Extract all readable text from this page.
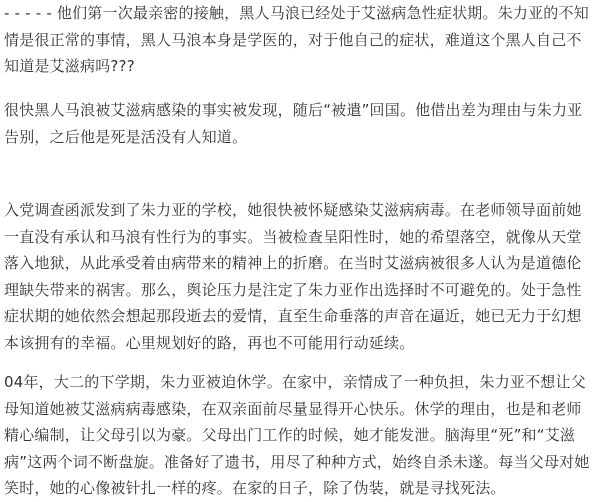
- - - - - 他们第一次最亲密的接触，黑人马浪已经处于艾滋病急性症状期。朱力亚的不知情是很正常的事情，黑人马浪本身是学医的，对于他自己的症状，难道这个黑人自己不知道是艾滋病吗???

很快黑人马浪被艾滋病感染的事实被发现，随后“被遣”回国。他借出差为理由与朱力亚告别，之后他是死是活没有人知道。

入党调查函派发到了朱力亚的学校，她很快被怀疑感染艾滋病病毒。在老师领导面前她一直没有承认和马浪有性行为的事实。当被检查呈阳性时，她的希望落空，就像从天堂落入地狱，从此承受着由病带来的精神上的折磨。在当时艾滋病被很多人认为是道德伦理缺失带来的祸害。那么，舆论压力是注定了朱力亚作出选择时不可避免的。处于急性症状期的她依然会想起那段逝去的爱情，直至生命垂落的声音在逼近，她已无力于幻想本该拥有的幸福。心里规划好的路，再也不可能用行动延续。

04年，大二的下学期，朱力亚被迫休学。在家中，亲情成了一种负担，朱力亚不想让父母知道她被艾滋病病毒感染，在双亲面前尽量显得开心快乐。休学的理由，也是和老师精心编制，让父母引以为豪。父母出门工作的时候，她才能发泄。脑海里“死”和“艾滋病”这两个词不断盘旋。准备好了遗书，用尽了种种方式，始终自杀未遂。每当父母对她笑时，她的心像被针扎一样的疼。在家的日子，除了伪装，就是寻找死法。
